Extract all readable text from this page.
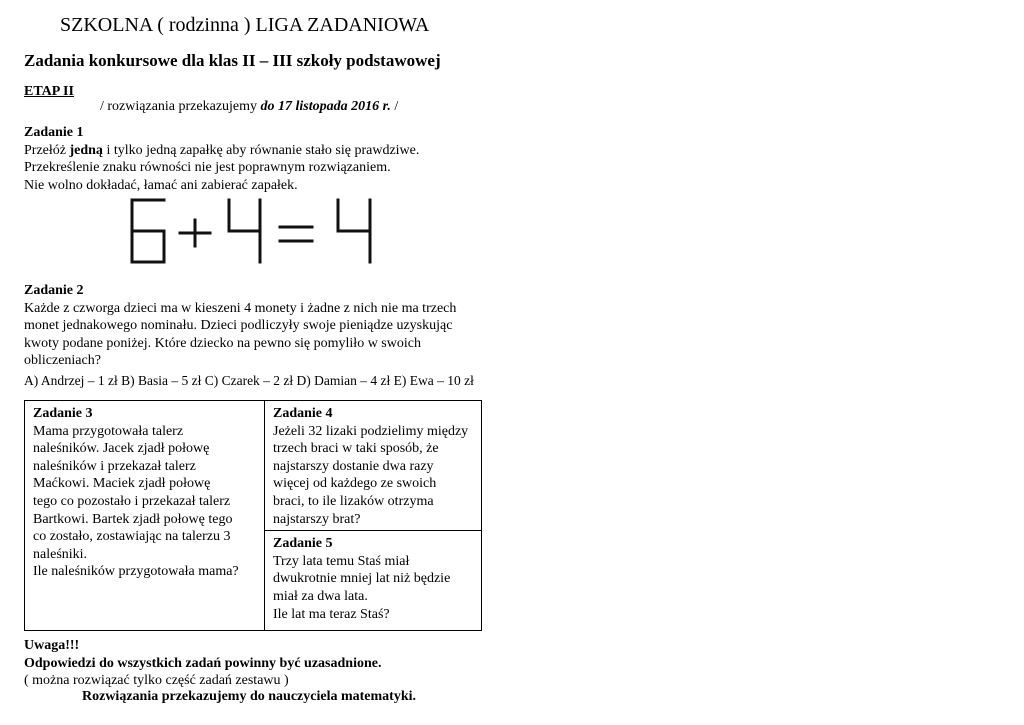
SZKOLNA ( rodzinna ) LIGA ZADANIOWA
Zadania konkursowe dla klas II – III szkoły podstawowej
ETAP II
/ rozwiązania przekazujemy do 17 listopada 2016 r. /
Zadanie 1
Przełóż jedną i tylko jedną zapałkę aby równanie stało się prawdziwe.
Przekreślenie znaku równości nie jest poprawnym rozwiązaniem.
Nie wolno dokładać, łamać ani zabierać zapałek.
Zadanie 2
Każde z czworga dzieci ma w kieszeni 4 monety i żadne z nich nie ma trzech
monet jednakowego nominału. Dzieci podliczyły swoje pieniądze uzyskując
kwoty podane poniżej. Które dziecko na pewno się pomyliło w swoich
obliczeniach?
A) Andrzej – 1 zł B) Basia – 5 zł C) Czarek – 2 zł D) Damian – 4 zł E) Ewa – 10 zł
Zadanie 3
Mama przygotowała talerz
naleśników. Jacek zjadł połowę
naleśników i przekazał talerz
Maćkowi. Maciek zjadł połowę
tego co pozostało i przekazał talerz
Bartkowi. Bartek zjadł połowę tego
co zostało, zostawiając na talerzu 3
naleśniki.
Ile naleśników przygotowała mama?

Zadanie 4
Jeżeli 32 lizaki podzielimy między
trzech braci w taki sposób, że
najstarszy dostanie dwa razy
więcej od każdego ze swoich
braci, to ile lizaków otrzyma
najstarszy brat?

Zadanie 5
Trzy lata temu Staś miał
dwukrotnie mniej lat niż będzie
miał za dwa lata.
Ile lat ma teraz Staś?
Uwaga!!!
Odpowiedzi do wszystkich zadań powinny być uzasadnione.
( można rozwiązać tylko część zadań zestawu )
Rozwiązania przekazujemy do nauczyciela matematyki.
